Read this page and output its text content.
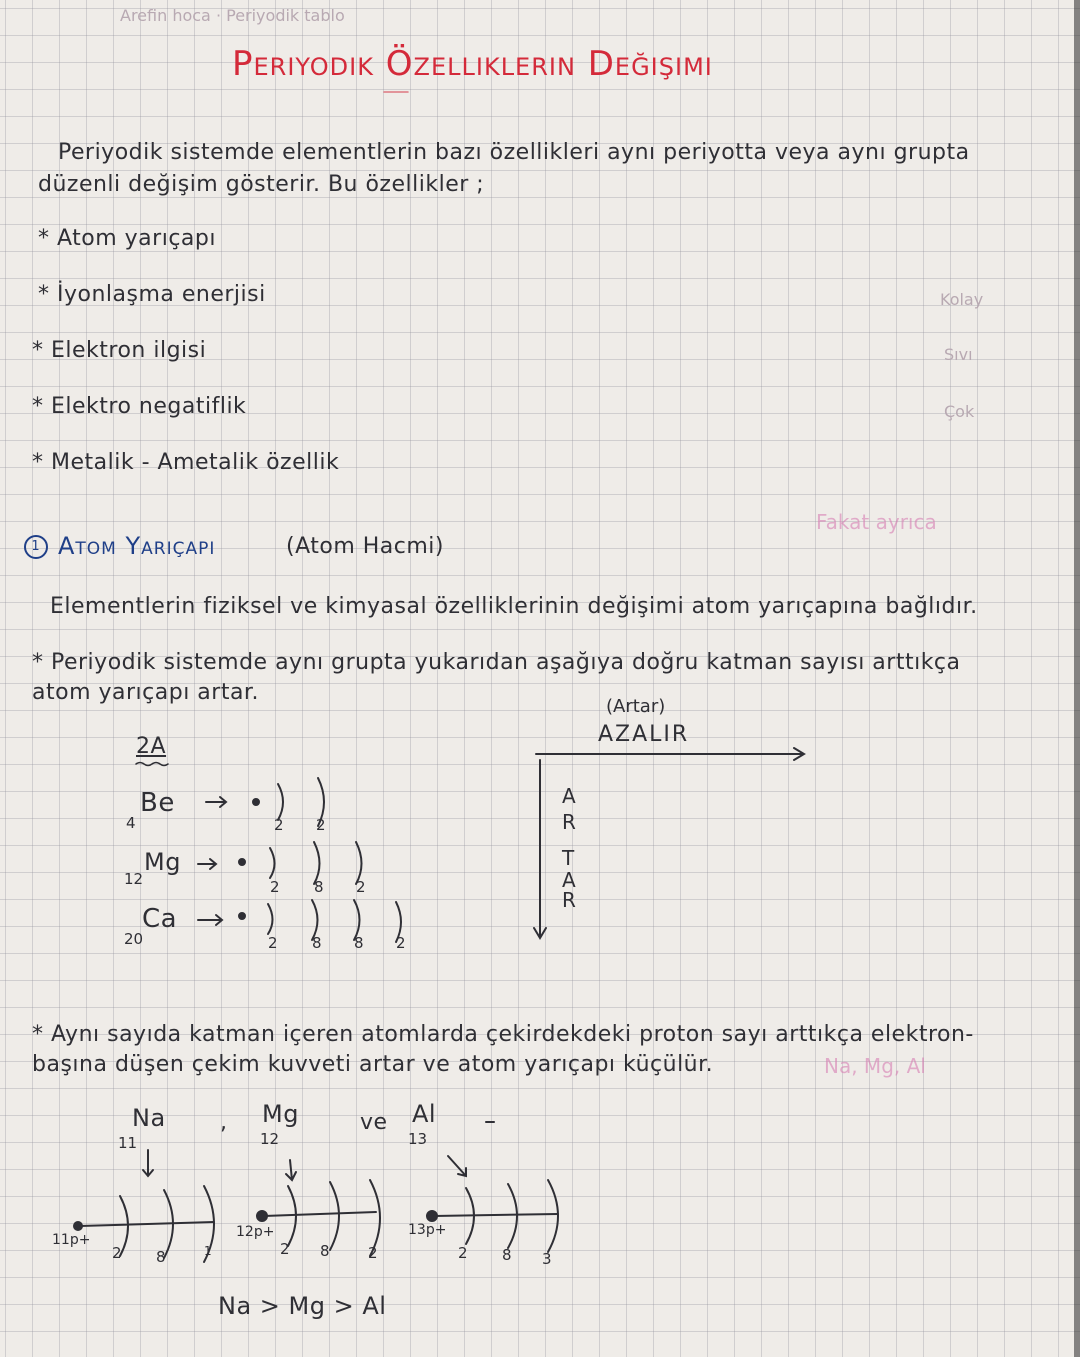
Arefin hoca · Periyodik tablo
Periyodik Özelliklerin Değişimi
Periyodik sistemde elementlerin bazı özellikleri aynı periyotta veya aynı grupta
düzenli değişim gösterir. Bu özellikler ;
* Atom yarıçapı
* İyonlaşma enerjisi
* Elektron ilgisi
* Elektro negatiflik
* Metalik - Ametalik özellik
Kolay
Sıvı
Çok
Fakat ayrıca
1 Atom Yarıçapı	(Atom Hacmi)
Elementlerin fiziksel ve kimyasal özelliklerinin değişimi atom yarıçapına bağlıdır.
* Periyodik sistemde aynı grupta yukarıdan aşağıya doğru katman sayısı arttıkça
atom yarıçapı artar.
2A
Be
4	2 2
Mg
12	2 8 2
Ca
20	2 8 8 2
(Artar)
AZALIR
A
R
T
A
R
* Aynı sayıda katman içeren atomlarda çekirdekdeki proton sayı arttıkça elektron-
başına düşen çekim kuvveti artar ve atom yarıçapı küçülür.	Na, Mg, Al
Na
11
, Mg
12
ve Al
13
11p+
2 8	1
12p+
2 8	2
13p+
2 8 3
Na > Mg > Al
